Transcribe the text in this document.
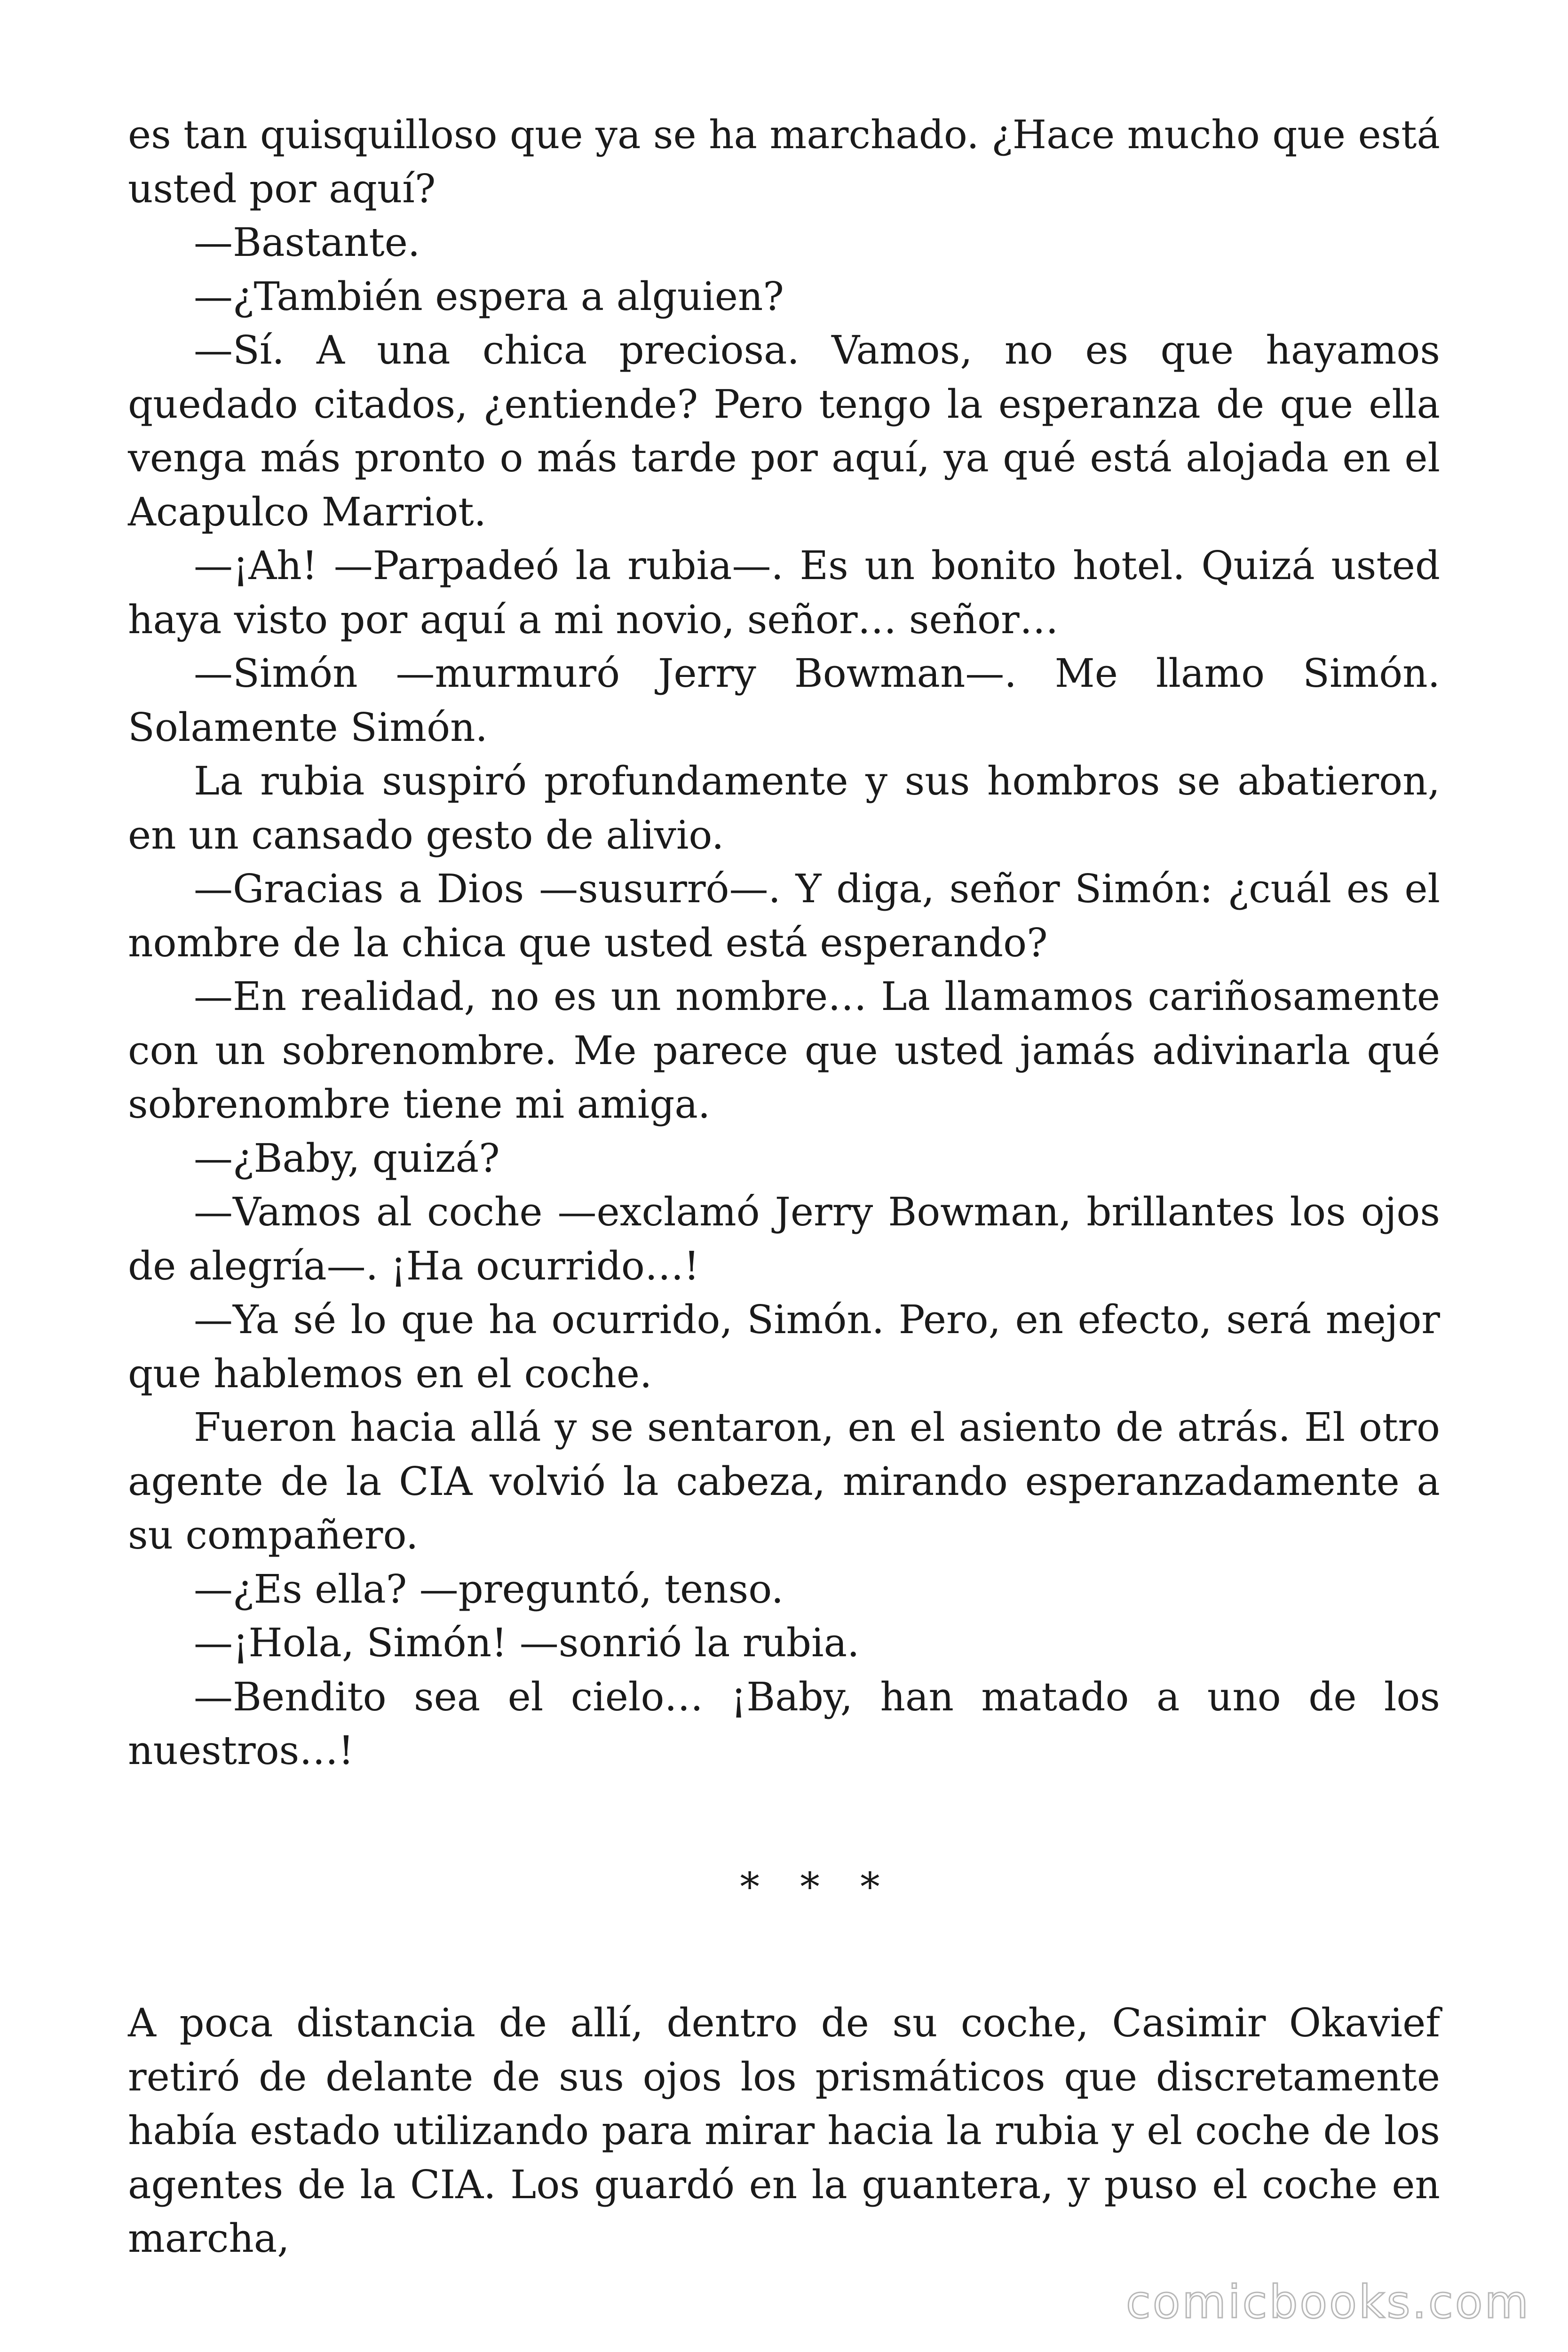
es tan quisquilloso que ya se ha marchado. ¿Hace mucho que está usted por aquí?

—Bastante.

—¿También espera a alguien?

—Sí. A una chica preciosa. Vamos, no es que hayamos quedado citados, ¿entiende? Pero tengo la esperanza de que ella venga más pronto o más tarde por aquí, ya qué está alojada en el Acapulco Marriot.

—¡Ah! —Parpadeó la rubia—. Es un bonito hotel. Quizá usted haya visto por aquí a mi novio, señor… señor…

—Simón —murmuró Jerry Bowman—. Me llamo Simón. Solamente Simón.

La rubia suspiró profundamente y sus hombros se abatieron, en un cansado gesto de alivio.

—Gracias a Dios —susurró—. Y diga, señor Simón: ¿cuál es el nombre de la chica que usted está esperando?

—En realidad, no es un nombre… La llamamos cariñosamente con un sobrenombre. Me parece que usted jamás adivinarla qué sobrenombre tiene mi amiga.

—¿Baby, quizá?

—Vamos al coche —exclamó Jerry Bowman, brillantes los ojos de alegría—. ¡Ha ocurrido…!

—Ya sé lo que ha ocurrido, Simón. Pero, en efecto, será mejor que hablemos en el coche.

Fueron hacia allá y se sentaron, en el asiento de atrás. El otro agente de la CIA volvió la cabeza, mirando esperanzadamente a su compañero.

—¿Es ella? —preguntó, tenso.

—¡Hola, Simón! —sonrió la rubia.

—Bendito sea el cielo… ¡Baby, han matado a uno de los nuestros…!

* * *

A poca distancia de allí, dentro de su coche, Casimir Okavief retiró de delante de sus ojos los prismáticos que discretamente había estado utilizando para mirar hacia la rubia y el coche de los agentes de la CIA. Los guardó en la guantera, y puso el coche en marcha,

comicbooks.com
